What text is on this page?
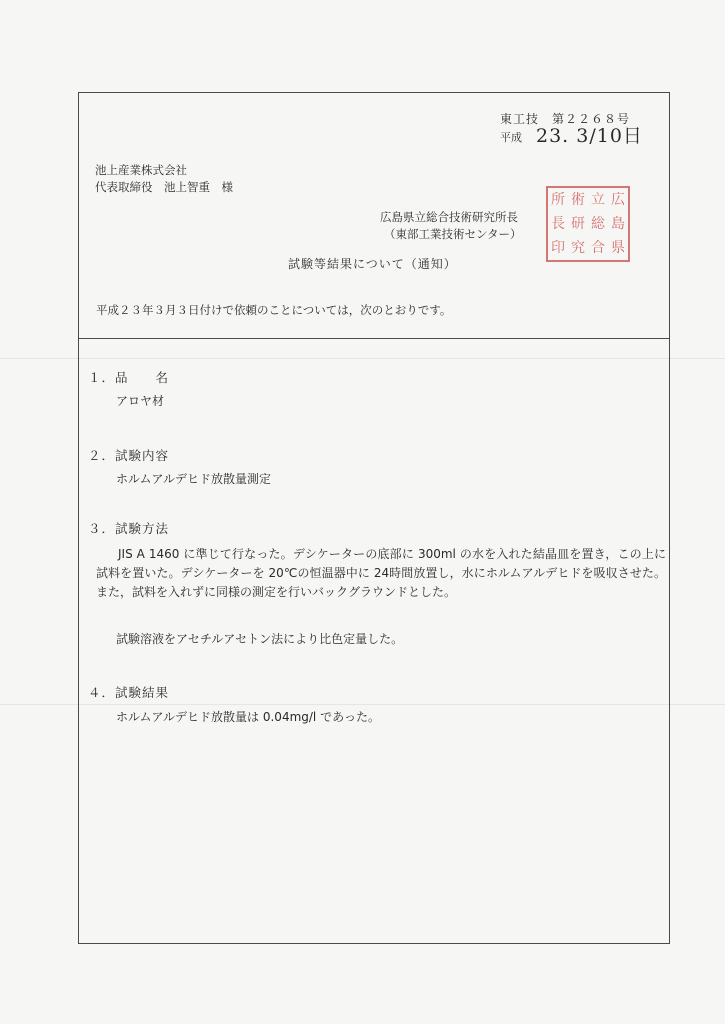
東工技　第２２６８号
平成 23. 3/10日
池上産業株式会社
代表取締役　池上智重　様
広島県立総合技術研究所長
（東部工業技術センター）
所 術 立 広
長 研 総 島
印 究 合 県
試験等結果について（通知）
平成２３年３月３日付けで依頼のことについては，次のとおりです。
１．品　　名
アロヤ材
２．試験内容
ホルムアルデヒド放散量測定
３．試験方法
JIS A 1460 に準じて行なった。デシケーターの底部に 300ml の水を入れた結晶皿を置き，この上に試料を置いた。デシケーターを 20℃の恒温器中に 24時間放置し，水にホルムアルデヒドを吸収させた。また，試料を入れずに同様の測定を行いバックグラウンドとした。
試験溶液をアセチルアセトン法により比色定量した。
４．試験結果
ホルムアルデヒド放散量は 0.04mg/l であった。
